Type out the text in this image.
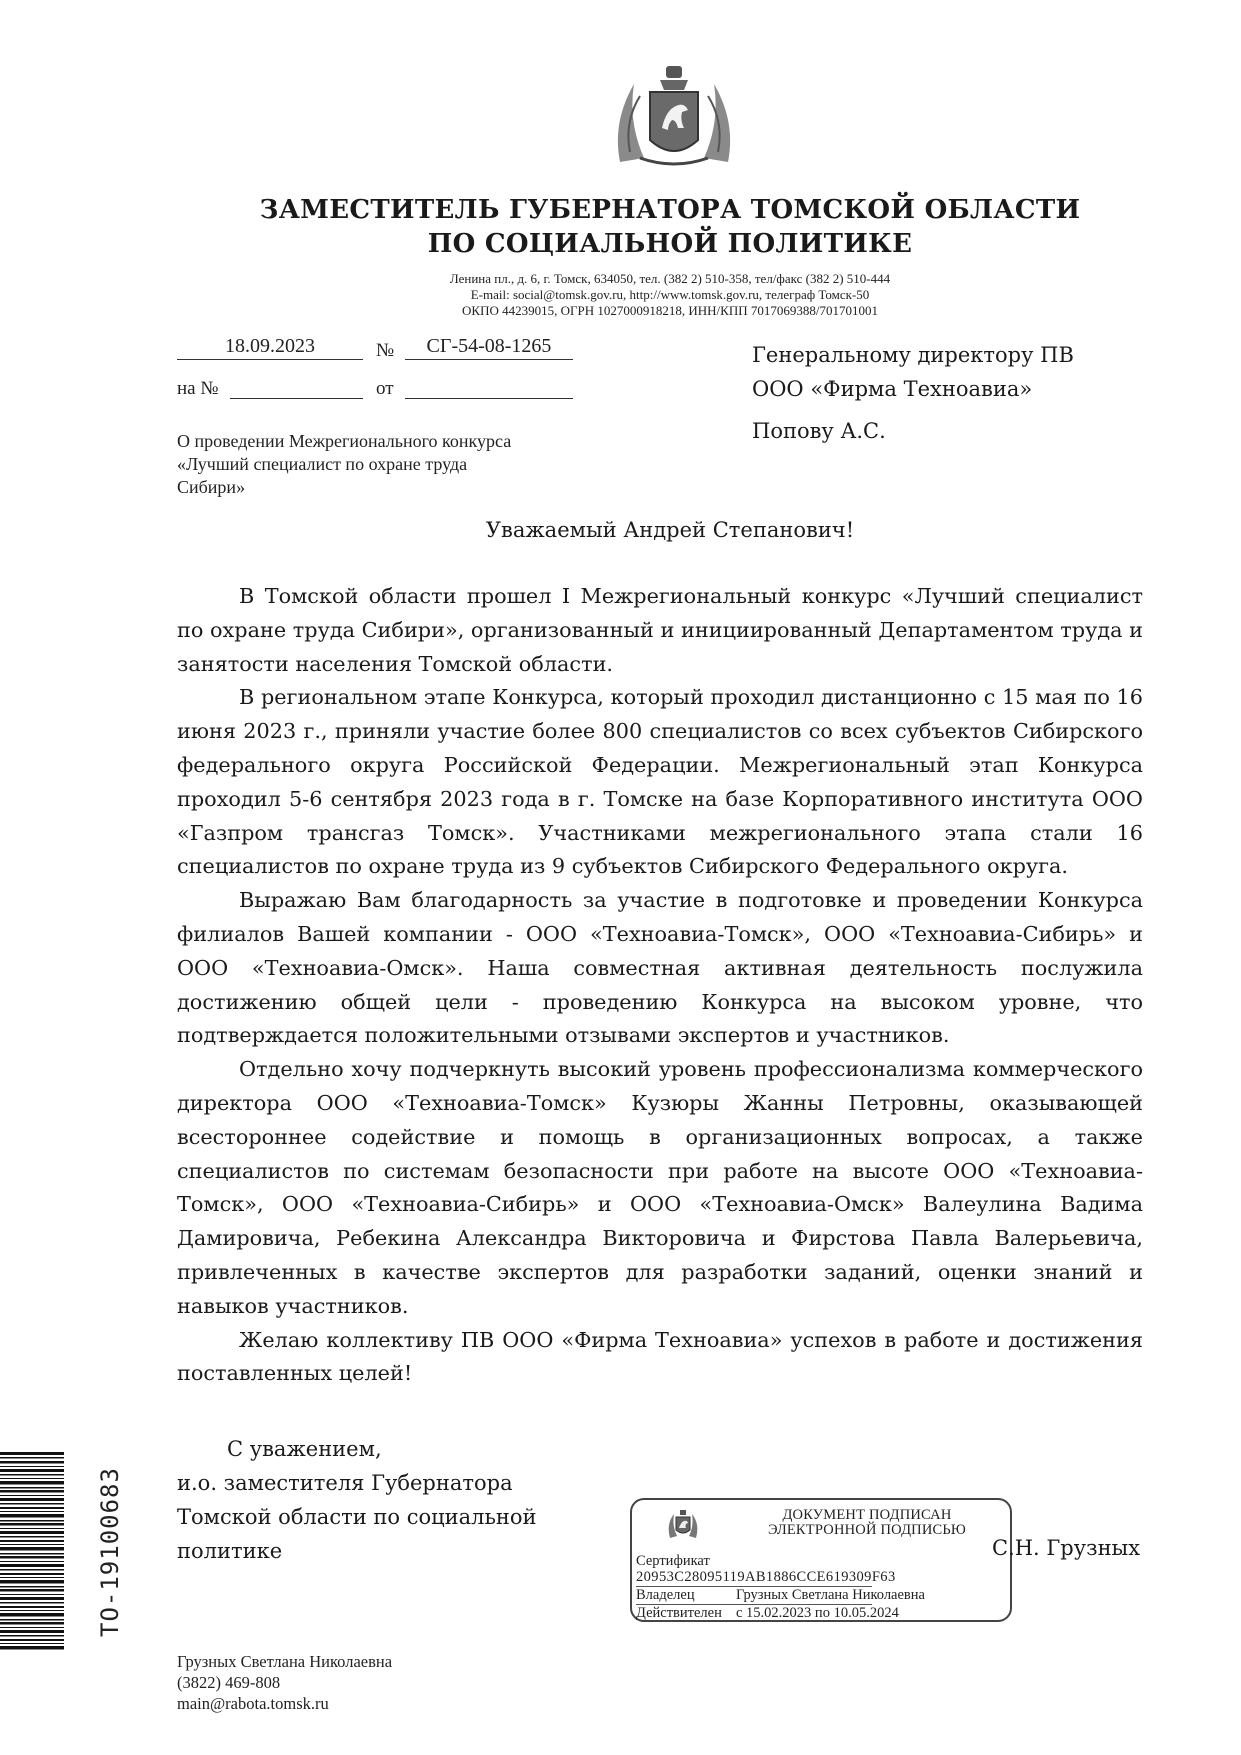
ЗАМЕСТИТЕЛЬ ГУБЕРНАТОРА ТОМСКОЙ ОБЛАСТИ
ПО СОЦИАЛЬНОЙ ПОЛИТИКЕ
Ленина пл., д. 6, г. Томск, 634050, тел. (382 2) 510-358, тел/факс (382 2) 510-444
E-mail: social@tomsk.gov.ru, http://www.tomsk.gov.ru, телеграф Томск-50
ОКПО 44239015, ОГРН 1027000918218, ИНН/КПП 7017069388/701701001
18.09.2023	№	СГ-54-08-1265
на №	от
О проведении Межрегионального конкурса
«Лучший специалист по охране труда
Сибири»
Генеральному директору ПВ
ООО «Фирма Техноавиа»
Попову А.С.
Уважаемый Андрей Степанович!

В Томской области прошел I Межрегиональный конкурс «Лучший специалист по охране труда Сибири», организованный и инициированный Департаментом труда и занятости населения Томской области.

В региональном этапе Конкурса, который проходил дистанционно с 15 мая по 16 июня 2023 г., приняли участие более 800 специалистов со всех субъектов Сибирского федерального округа Российской Федерации. Межрегиональный этап Конкурса проходил 5-6 сентября 2023 года в г. Томске на базе Корпоративного института ООО «Газпром трансгаз Томск». Участниками межрегионального этапа стали 16 специалистов по охране труда из 9 субъектов Сибирского Федерального округа.

Выражаю Вам благодарность за участие в подготовке и проведении Конкурса филиалов Вашей компании - ООО «Техноавиа-Томск», ООО «Техноавиа-Сибирь» и ООО «Техноавиа-Омск». Наша совместная активная деятельность послужила достижению общей цели - проведению Конкурса на высоком уровне, что подтверждается положительными отзывами экспертов и участников.

Отдельно хочу подчеркнуть высокий уровень профессионализма коммерческого директора ООО «Техноавиа-Томск» Кузюры Жанны Петровны, оказывающей всестороннее содействие и помощь в организационных вопросах, а также специалистов по системам безопасности при работе на высоте ООО «Техноавиа-Томск», ООО «Техноавиа-Сибирь» и ООО «Техноавиа-Омск» Валеулина Вадима Дамировича, Ребекина Александра Викторовича и Фирстова Павла Валерьевича, привлеченных в качестве экспертов для разработки заданий, оценки знаний и навыков участников.

Желаю коллективу ПВ ООО «Фирма Техноавиа» успехов в работе и достижения поставленных целей!

С уважением,
и.о. заместителя Губернатора
Томской области по социальной
политике
ДОКУМЕНТ ПОДПИСАН
ЭЛЕКТРОННОЙ ПОДПИСЬЮ
Сертификат
20953C28095119AB1886CCE619309F63
Владелец	Грузных Светлана Николаевна
Действителен с 15.02.2023 по 10.05.2024
С.Н. Грузных
Грузных Светлана Николаевна
(3822) 469-808
main@rabota.tomsk.ru
ТО-19100683
